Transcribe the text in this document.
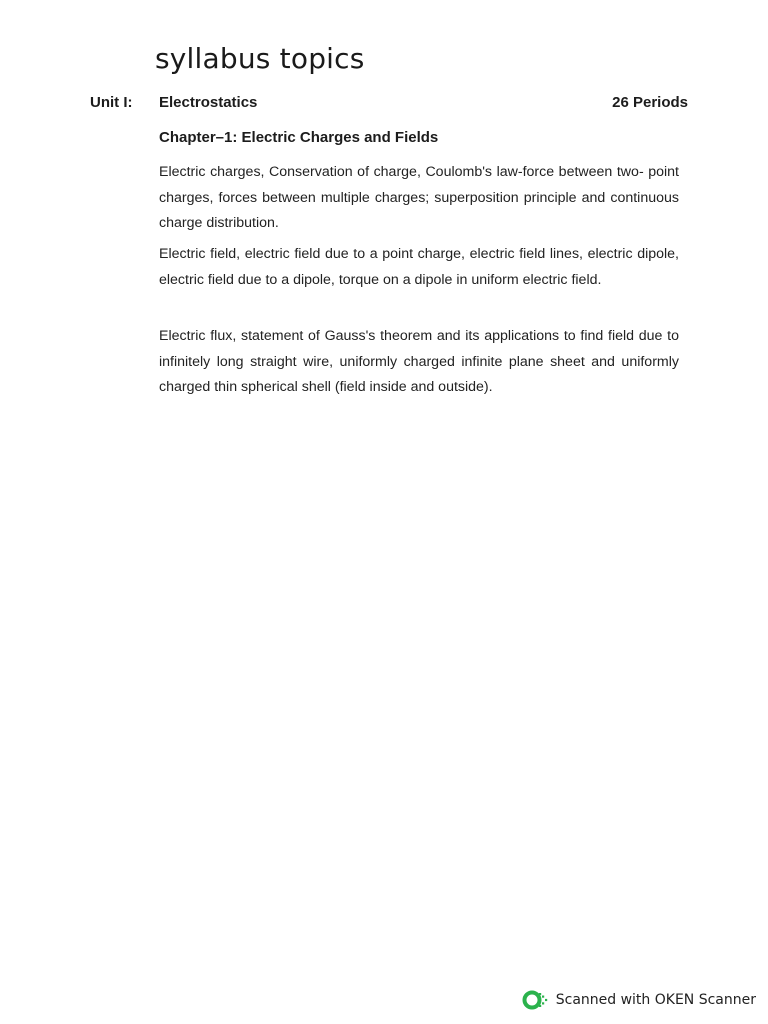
syllabus topics
Unit I: Electrostatics	26 Periods
Chapter–1: Electric Charges and Fields

Electric charges, Conservation of charge, Coulomb's law-force between two- point charges, forces between multiple charges; superposition principle and continuous charge distribution.

Electric field, electric field due to a point charge, electric field lines, electric dipole, electric field due to a dipole, torque on a dipole in uniform electric field.

Electric flux, statement of Gauss's theorem and its applications to find field due to infinitely long straight wire, uniformly charged infinite plane sheet and uniformly charged thin spherical shell (field inside and outside).

Scanned with OKEN Scanner
